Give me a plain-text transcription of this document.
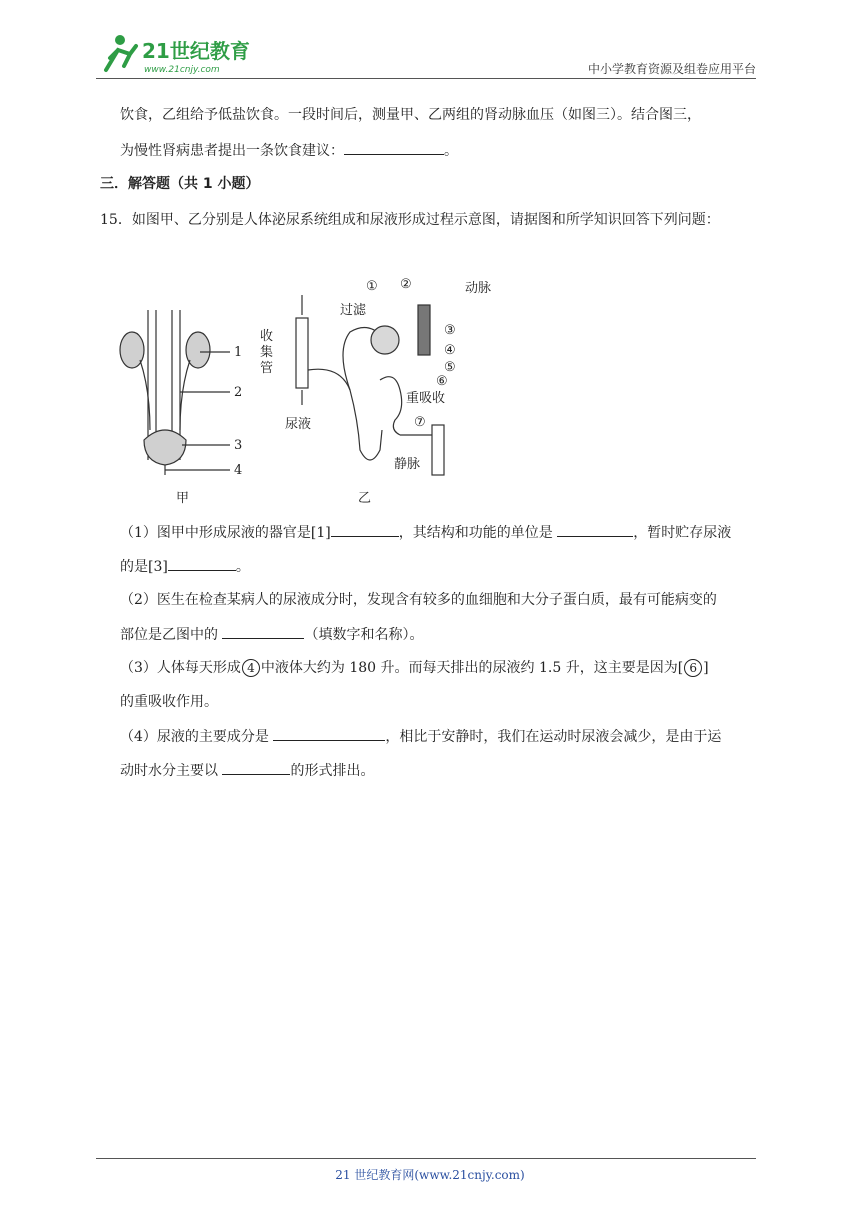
21世纪教育
www.21cnjy.com	中小学教育资源及组卷应用平台
饮食，乙组给予低盐饮食。一段时间后，测量甲、乙两组的肾动脉血压（如图三）。结合图三，
为慢性肾病患者提出一条饮食建议：	。
三．解答题（共 1 小题）
15．如图甲、乙分别是人体泌尿系统组成和尿液形成过程示意图，请据图和所学知识回答下列问题：
1
2
3
4
甲
收
集
管
尿液
过滤
动脉
重吸收
静脉
① ②
③
④
⑤
⑥
⑦
乙
（1）图甲中形成尿液的器官是[1]	，其结构和功能的单位是	，暂时贮存尿液
的是[3]	。
（2）医生在检查某病人的尿液成分时，发现含有较多的血细胞和大分子蛋白质，最有可能病变的
部位是乙图中的	（填数字和名称）。
（3）人体每天形成 4 中液体大约为 180 升。而每天排出的尿液约 1.5 升，这主要是因为[ 6 ]
的重吸收作用。
（4）尿液的主要成分是	，相比于安静时，我们在运动时尿液会减少，是由于运
动时水分主要以	的形式排出。
21 世纪教育网(www.21cnjy.com)
